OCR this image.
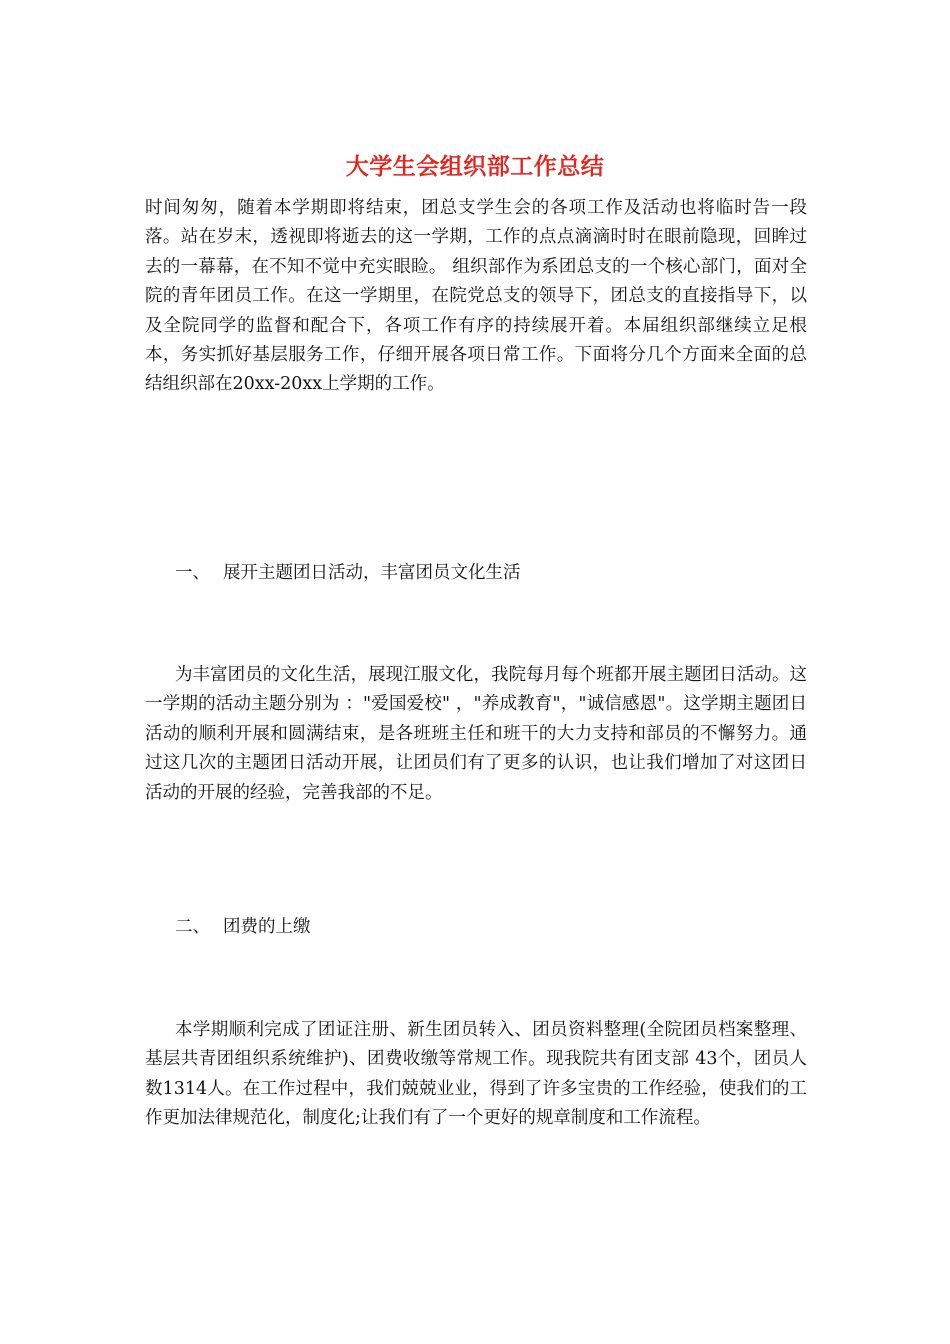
大学生会组织部工作总结

时间匆匆，随着本学期即将结束，团总支学生会的各项工作及活动也将临时告一段落。站在岁末，透视即将逝去的这一学期，工作的点点滴滴时时在眼前隐现，回眸过去的一幕幕，在不知不觉中充实眼睑。 组织部作为系团总支的一个核心部门，面对全院的青年团员工作。在这一学期里，在院党总支的领导下，团总支的直接指导下，以及全院同学的监督和配合下，各项工作有序的持续展开着。本届组织部继续立足根本，务实抓好基层服务工作，仔细开展各项日常工作。下面将分几个方面来全面的总结组织部在20xx-20xx上学期的工作。

一、 展开主题团日活动，丰富团员文化生活

为丰富团员的文化生活，展现江服文化，我院每月每个班都开展主题团日活动。这一学期的活动主题分别为 ："爱国爱校" ，"养成教育"，"诚信感恩"。这学期主题团日活动的顺利开展和圆满结束，是各班班主任和班干的大力支持和部员的不懈努力。通过这几次的主题团日活动开展，让团员们有了更多的认识，也让我们增加了对这团日活动的开展的经验，完善我部的不足。

二、 团费的上缴

本学期顺利完成了团证注册、新生团员转入、团员资料整理(全院团员档案整理、基层共青团组织系统维护)、团费收缴等常规工作。现我院共有团支部 43个，团员人数1314人。在工作过程中，我们兢兢业业，得到了许多宝贵的工作经验，使我们的工作更加法律规范化，制度化;让我们有了一个更好的规章制度和工作流程。
